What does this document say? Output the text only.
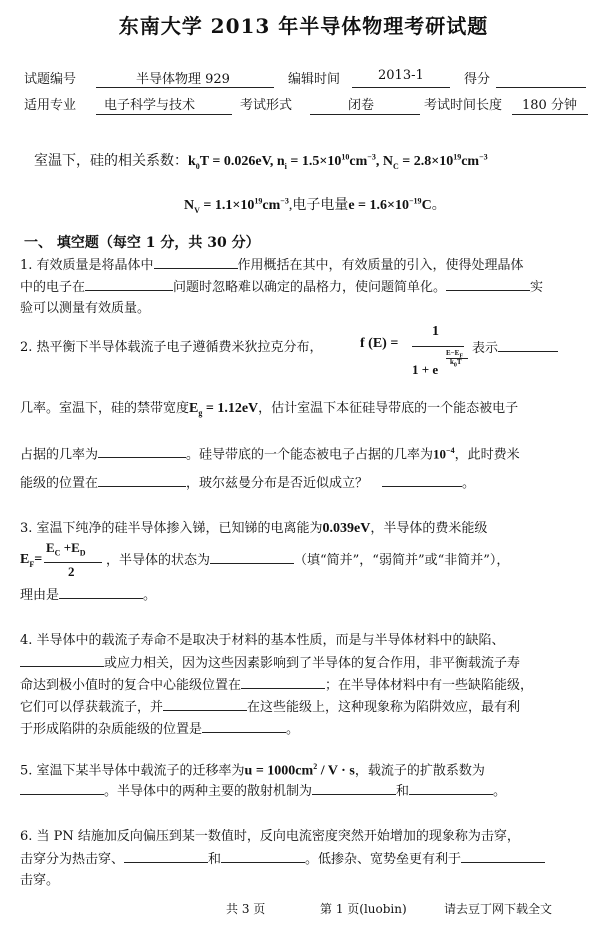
东南大学 2013 年半导体物理考研试题
试题编号	半导体物理 929	编辑时间	2013-1	得分
适用专业 电子科学与技术	考试形式	闭卷	考试时间长度 180 分钟
室温下，硅的相关系数：$k_0T = 0.026eV$, $n_i = 1.5\times 10^{10}cm^{-3}$, $N_C = 2.8\times 10^{19}cm^{-3}$
$N_V = 1.1\times 10^{19}cm^{-3}$,电子电量$e = 1.6\times 10^{-19}C$。
一、 填空题（每空 1 分，共 30 分）
1. 有效质量是将晶体中	作用概括在其中，有效质量的引入，使得处理晶体
中的电子在	问题时忽略难以确定的晶格力，使问题简单化。	实
验可以测量有效质量。
2. 热平衡下半导体载流子电子遵循费米狄拉克分布，	f (E) =
1
1 + e
$E-E_F$
$k_0T$
表示
几率。室温下，硅的禁带宽度$E_g = 1.12eV$，估计室温下本征硅导带底的一个能态被电子
占据的几率为	。硅导带底的一个能态被电子占据的几率为$10^{-4}$，此时费米
能级的位置在	，玻尔兹曼分布是否近似成立？	。
3. 室温下纯净的硅半导体掺入锑，已知锑的电离能为0.039eV，半导体的费米能级
$E_F=$
$E_C +E_D$
2
，半导体的状态为	（填“简并”，“弱简并”或“非简并”），
理由是	。
4. 半导体中的载流子寿命不是取决于材料的基本性质，而是与半导体材料中的缺陷、
或应力相关，因为这些因素影响到了半导体的复合作用，非平衡载流子寿
命达到极小值时的复合中心能级位置在	；在半导体材料中有一些缺陷能级，
它们可以俘获载流子，并	在这些能级上，这种现象称为陷阱效应，最有利
于形成陷阱的杂质能级的位置是	。
5. 室温下某半导体中载流子的迁移率为$u = 1000cm^2 / V \cdot s$，载流子的扩散系数为
。半导体中的两种主要的散射机制为	和	。
6. 当 PN 结施加反向偏压到某一数值时，反向电流密度突然开始增加的现象称为击穿，
击穿分为热击穿、	和	。低掺杂、宽势垒更有利于
击穿。
共 3 页	第 1 页(luobin)	请去豆丁网下载全文
